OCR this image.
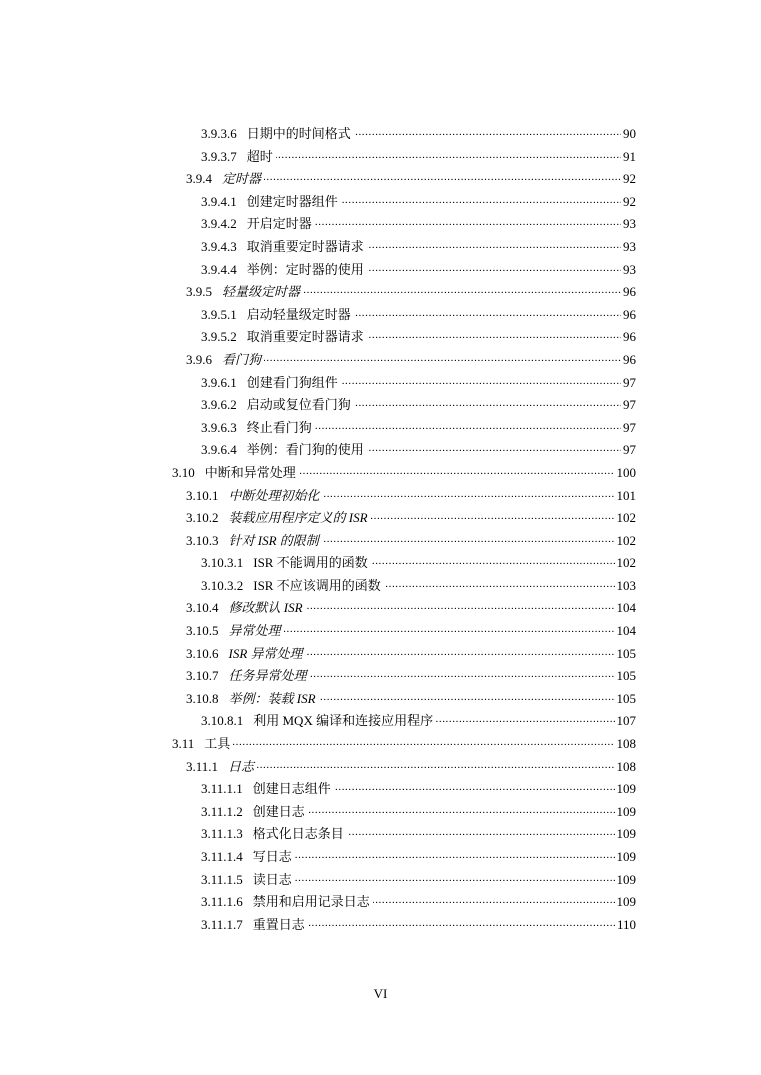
.....
3.9.3.6 日期中的时间格式	90
.....
3.9.3.7 超时	91
.....
3.9.4 定时器	92
.....
3.9.4.1 创建定时器组件	92
.....
3.9.4.2 开启定时器	93
.....
3.9.4.3 取消重要定时器请求	93
.....
3.9.4.4 举例：定时器的使用	93
.....
3.9.5 轻量级定时器	96
.....
3.9.5.1 启动轻量级定时器	96
.....
3.9.5.2 取消重要定时器请求	96
.....
3.9.6 看门狗	96
.....
3.9.6.1 创建看门狗组件	97
.....
3.9.6.2 启动或复位看门狗	97
.....
3.9.6.3 终止看门狗	97
.....
3.9.6.4 举例：看门狗的使用	97
.....
3.10 中断和异常处理	100
.....
3.10.1 中断处理初始化	101
.....
3.10.2 装载应用程序定义的 ISR	102
.....
3.10.3 针对 ISR 的限制	102
.....
3.10.3.1 ISR 不能调用的函数	102
.....
3.10.3.2 ISR 不应该调用的函数	103
.....
3.10.4 修改默认 ISR	104
.....
3.10.5 异常处理	104
.....
3.10.6 ISR 异常处理	105
.....
3.10.7 任务异常处理	105
.....
3.10.8 举例：装载 ISR	105
.....
3.10.8.1 利用 MQX 编译和连接应用程序	107
.....
3.11 工具	108
.....
3.11.1 日志	108
.....
3.11.1.1 创建日志组件	109
.....
3.11.1.2 创建日志	109
.....
3.11.1.3 格式化日志条目	109
.....
3.11.1.4 写日志	109
.....
3.11.1.5 读日志	109
.....
3.11.1.6 禁用和启用记录日志	109
.....
3.11.1.7 重置日志	110
VI
